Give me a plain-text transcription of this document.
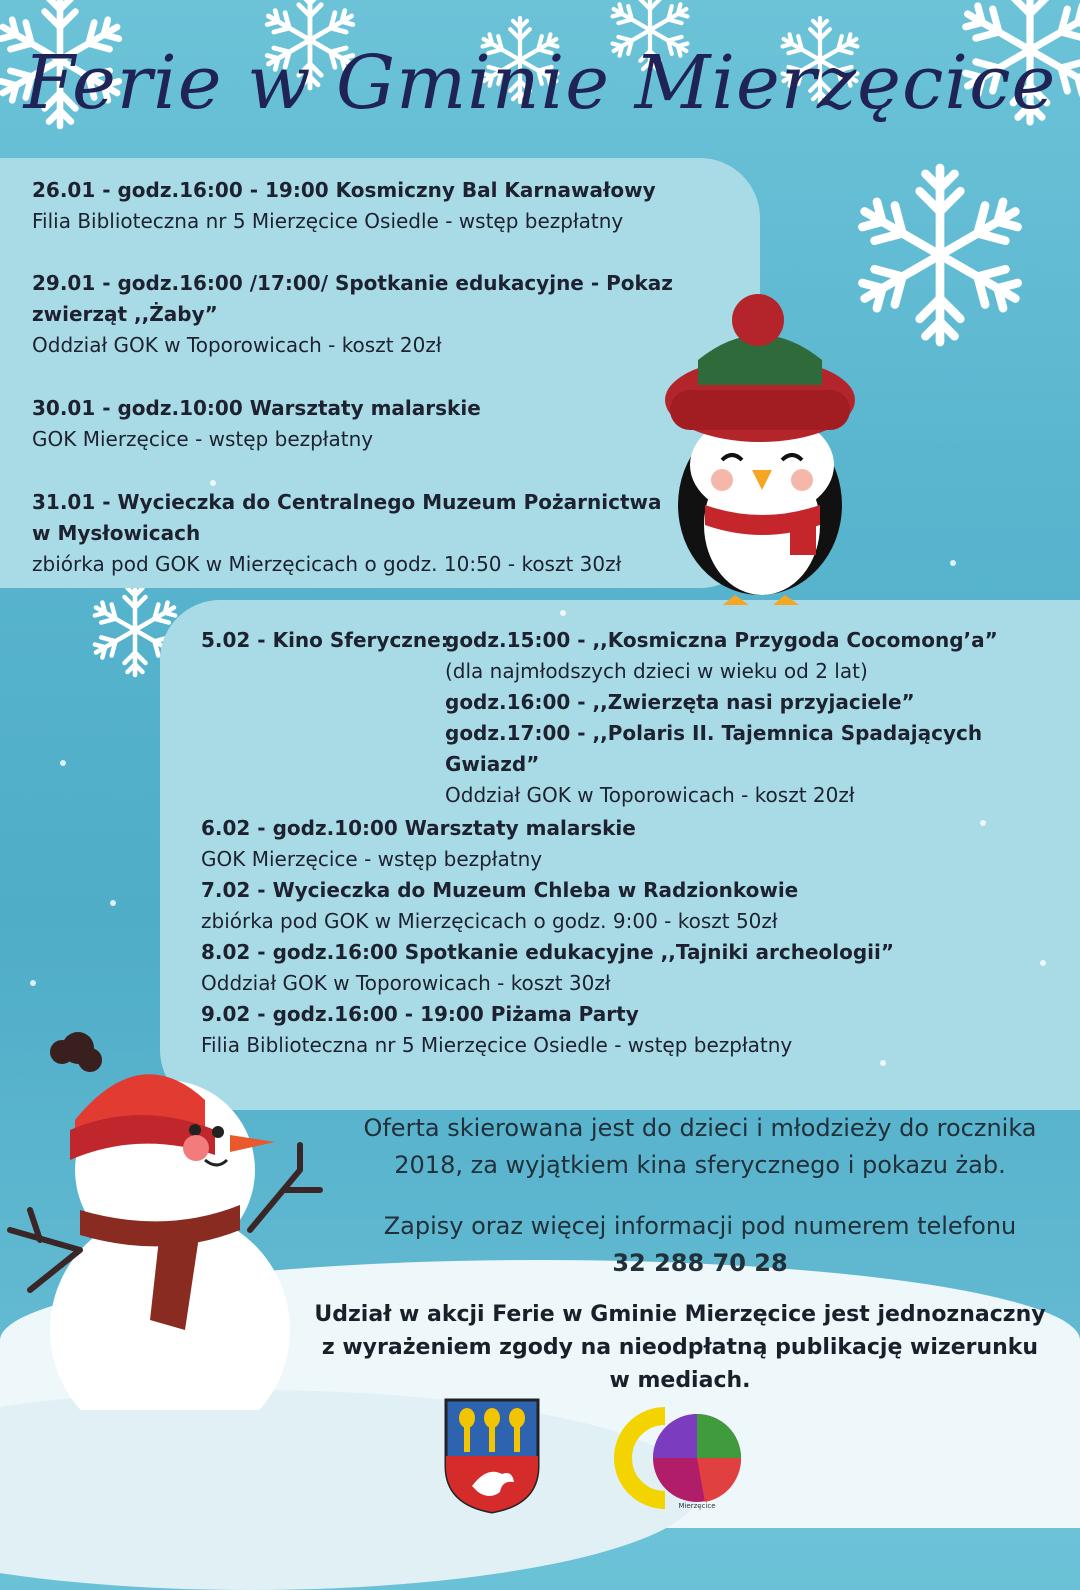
Ferie w Gminie Mierzęcice
26.01 - godz.16:00 - 19:00 Kosmiczny Bal Karnawałowy
Filia Biblioteczna nr 5 Mierzęcice Osiedle - wstęp bezpłatny
29.01 - godz.16:00 /17:00/ Spotkanie edukacyjne - Pokaz
zwierząt ,,Żaby”
Oddział GOK w Toporowicach - koszt 20zł
30.01 - godz.10:00 Warsztaty malarskie
GOK Mierzęcice - wstęp bezpłatny
31.01 - Wycieczka do Centralnego Muzeum Pożarnictwa
w Mysłowicach
zbiórka pod GOK w Mierzęcicach o godz. 10:50 - koszt 30zł
5.02 - Kino Sferyczne:
godz.15:00 - ,,Kosmiczna Przygoda Cocomong’a”
(dla najmłodszych dzieci w wieku od 2 lat)
godz.16:00 - ,,Zwierzęta nasi przyjaciele”
godz.17:00 - ,,Polaris II. Tajemnica Spadających Gwiazd”
Oddział GOK w Toporowicach - koszt 20zł
6.02 - godz.10:00 Warsztaty malarskie
GOK Mierzęcice - wstęp bezpłatny
7.02 - Wycieczka do Muzeum Chleba w Radzionkowie
zbiórka pod GOK w Mierzęcicach o godz. 9:00 - koszt 50zł
8.02 - godz.16:00 Spotkanie edukacyjne ,,Tajniki archeologii”
Oddział GOK w Toporowicach - koszt 30zł
9.02 - godz.16:00 - 19:00 Piżama Party
Filia Biblioteczna nr 5 Mierzęcice Osiedle - wstęp bezpłatny
Oferta skierowana jest do dzieci i młodzieży do rocznika
2018, za wyjątkiem kina sferycznego i pokazu żab.
Zapisy oraz więcej informacji pod numerem telefonu
32 288 70 28
Udział w akcji Ferie w Gminie Mierzęcice jest jednoznaczny
z wyrażeniem zgody na nieodpłatną publikację wizerunku
w mediach.
Mierzęcice
